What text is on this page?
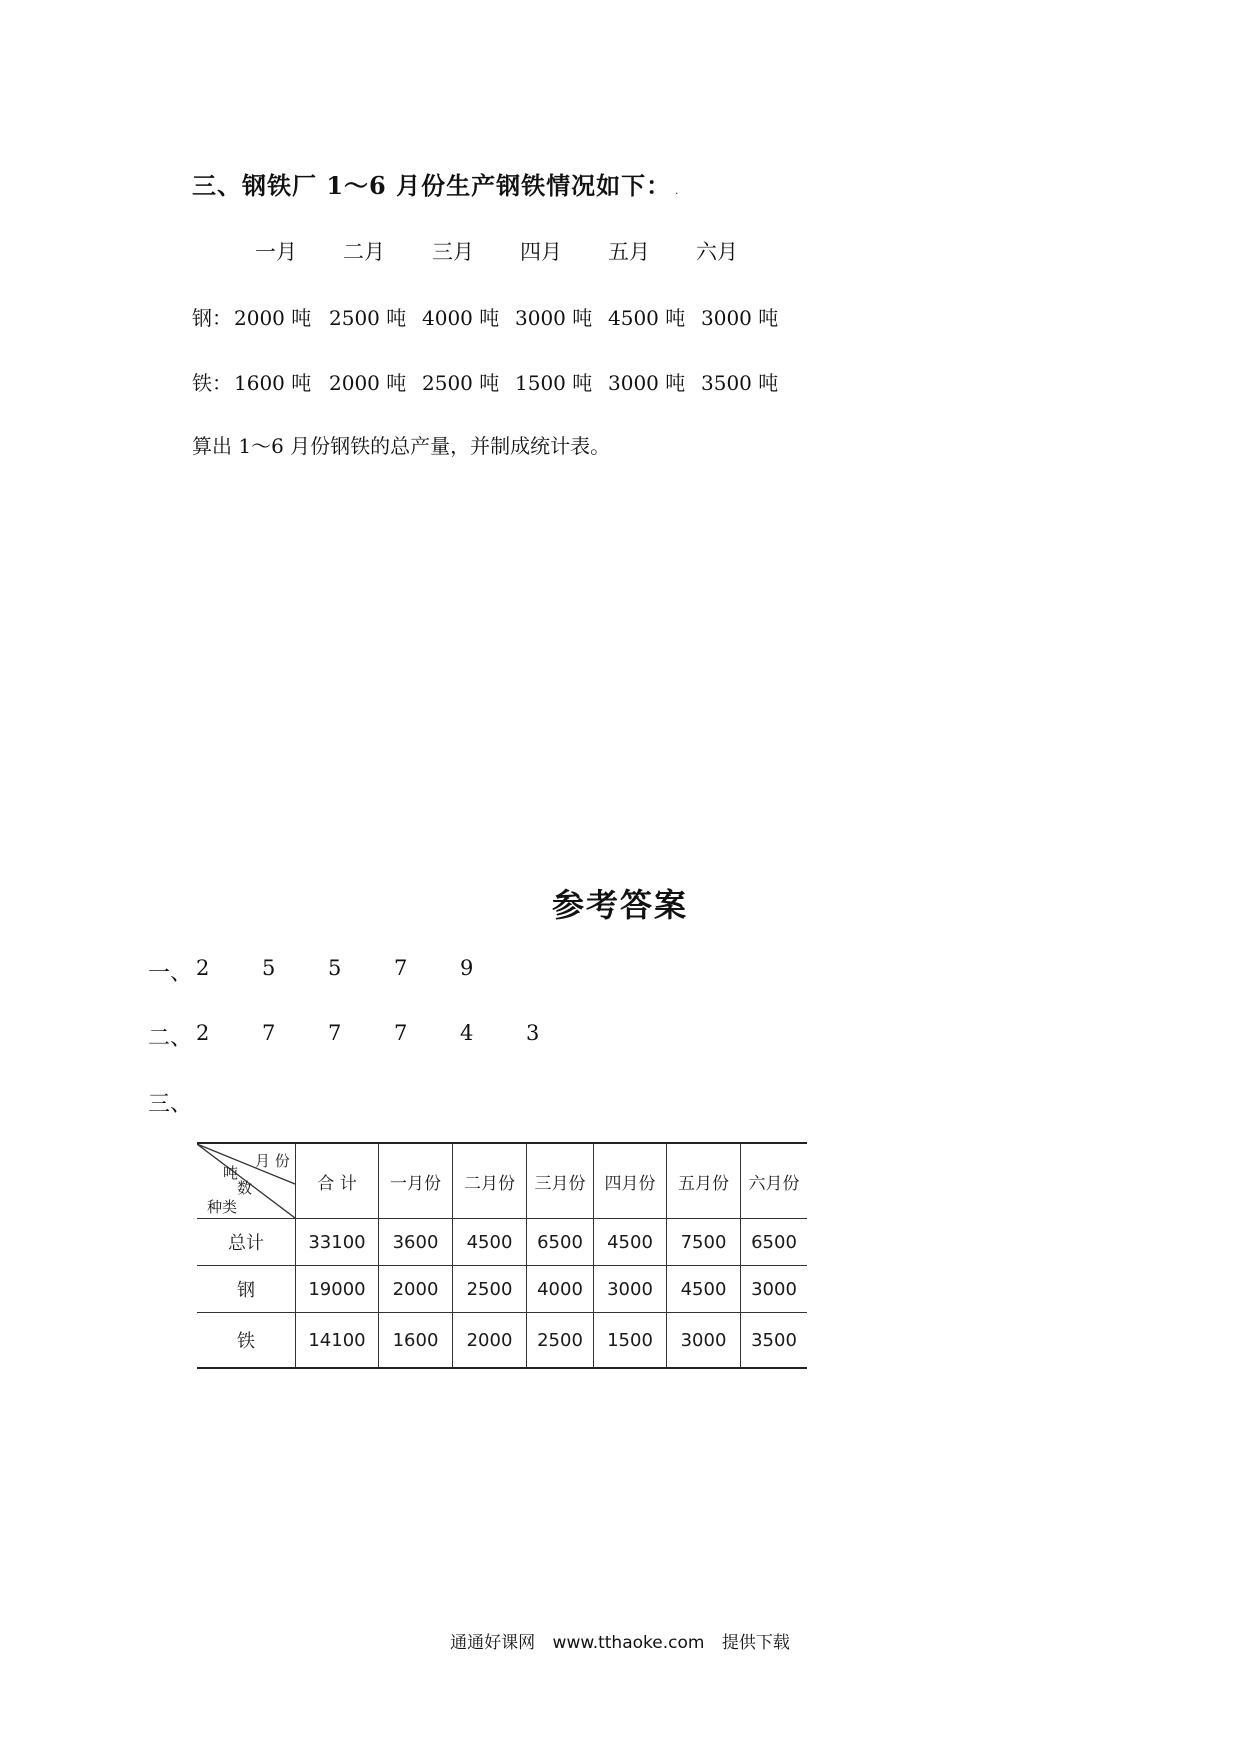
三、钢铁厂 1～6 月份生产钢铁情况如下： .
一月	二月	三月	四月	五月	六月
钢： 2000 吨 2500 吨 4000 吨 3000 吨 4500 吨 3000 吨
铁： 1600 吨 2000 吨 2500 吨 1500 吨 3000 吨 3500 吨
算出 1～6 月份钢铁的总产量，并制成统计表。
参考答案
一、 2	5	5	7	9
二、 2	7	7	7	4	3
三、
月 份
吨
数
种类	合 计	一月份	二月份	三月份	四月份	五月份	六月份
总计	33100	3600	4500	6500	4500	7500	6500
钢	19000	2000	2500	4000	3000	4500	3000
铁	14100	1600	2000	2500	1500	3000	3500
通通好课网 www.tthaoke.com 提供下载
